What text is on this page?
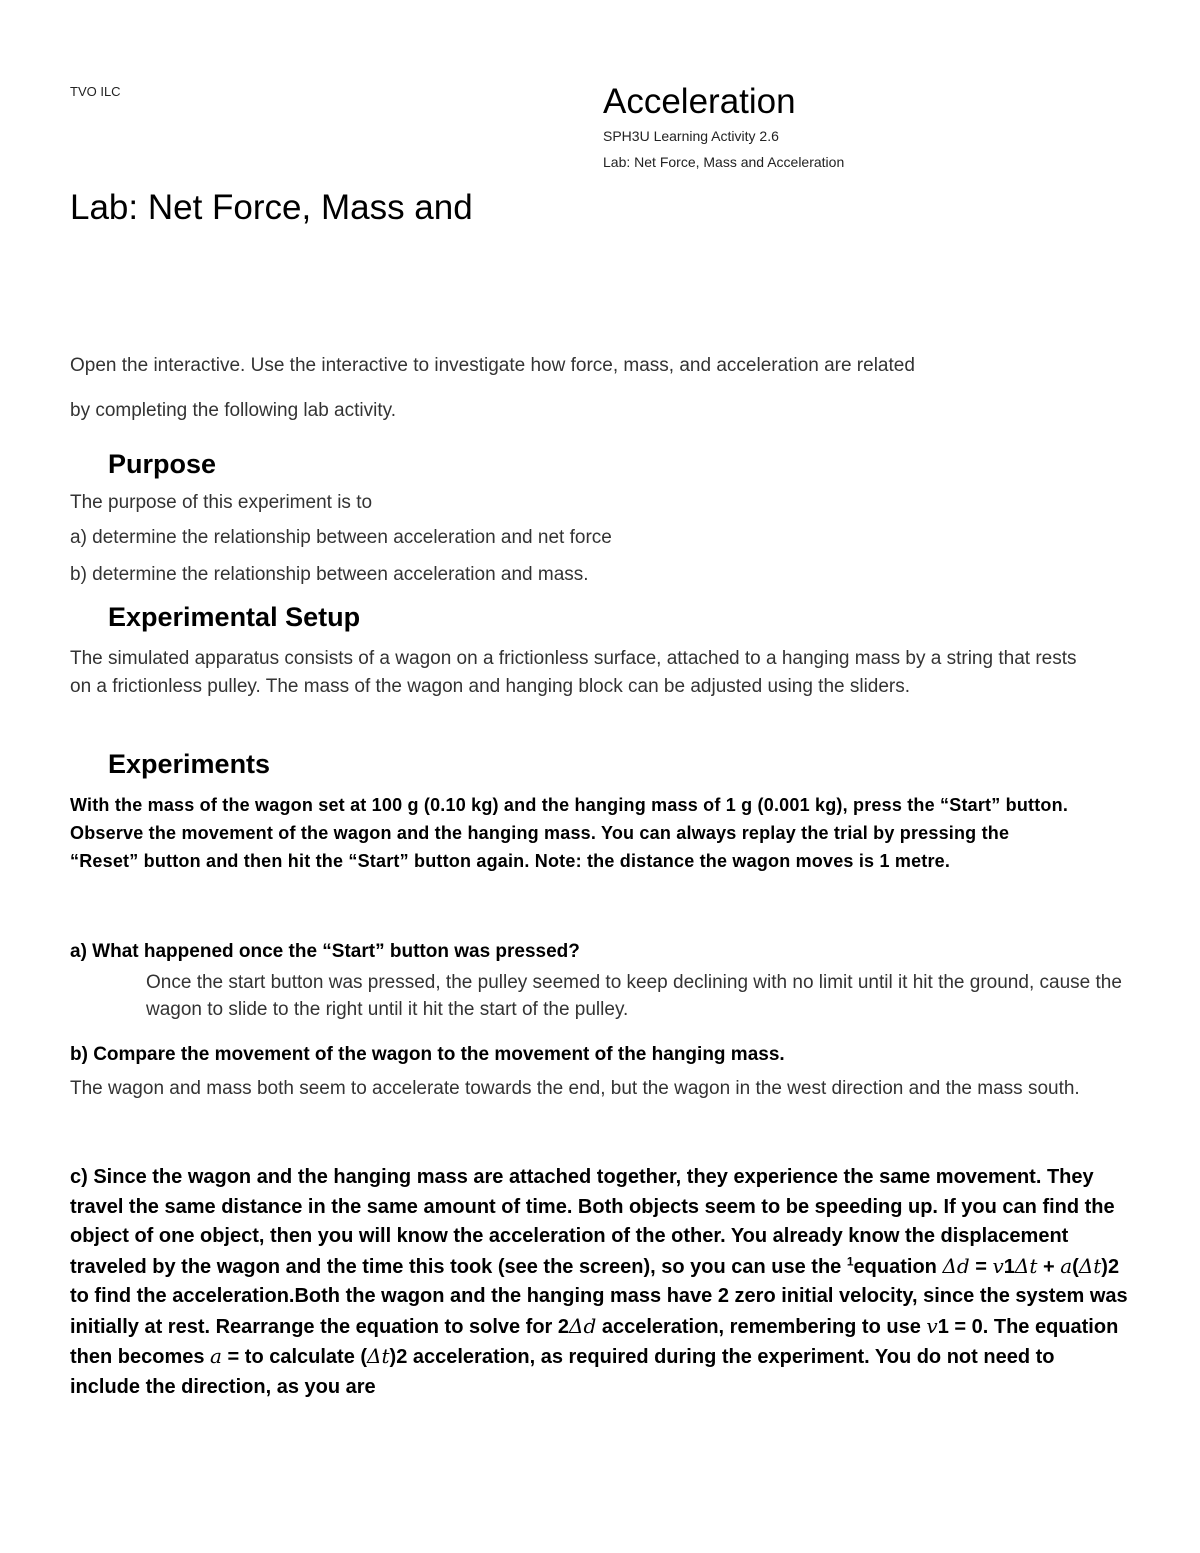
TVO ILC	Acceleration
SPH3U Learning Activity 2.6
Lab: Net Force, Mass and Acceleration
Lab: Net Force, Mass and
Open the interactive. Use the interactive to investigate how force, mass, and acceleration are related
by completing the following lab activity.
Purpose
The purpose of this experiment is to
a) determine the relationship between acceleration and net force
b) determine the relationship between acceleration and mass.
Experimental Setup

The simulated apparatus consists of a wagon on a frictionless surface, attached to a hanging mass by a string that rests on a frictionless pulley. The mass of the wagon and hanging block can be adjusted using the sliders.

Experiments

With the mass of the wagon set at 100 g (0.10 kg) and the hanging mass of 1 g (0.001 kg), press the “Start” button. Observe the movement of the wagon and the hanging mass. You can always replay the trial by pressing the “Reset” button and then hit the “Start” button again. Note: the distance the wagon moves is 1 metre.

a) What happened once the “Start” button was pressed?

Once the start button was pressed, the pulley seemed to keep declining with no limit until it hit the ground, cause the wagon to slide to the right until it hit the start of the pulley.

b) Compare the movement of the wagon to the movement of the hanging mass.

The wagon and mass both seem to accelerate towards the end, but the wagon in the west direction and the mass south.

c) Since the wagon and the hanging mass are attached together, they experience the same movement. They travel the same distance in the same amount of time. Both objects seem to be speeding up. If you can find the object of one object, then you will know the acceleration of the other. You already know the displacement traveled by the wagon and the time this took (see the screen), so you can use the $^1$equation Δd = v1Δt + a(Δt)2 to find the acceleration.Both the wagon and the hanging mass have 2 zero initial velocity, since the system was initially at rest. Rearrange the equation to solve for 2Δd acceleration, remembering to use v1 = 0. The equation then becomes a = to calculate (Δt)2 acceleration, as required during the experiment. You do not need to include the direction, as you are
